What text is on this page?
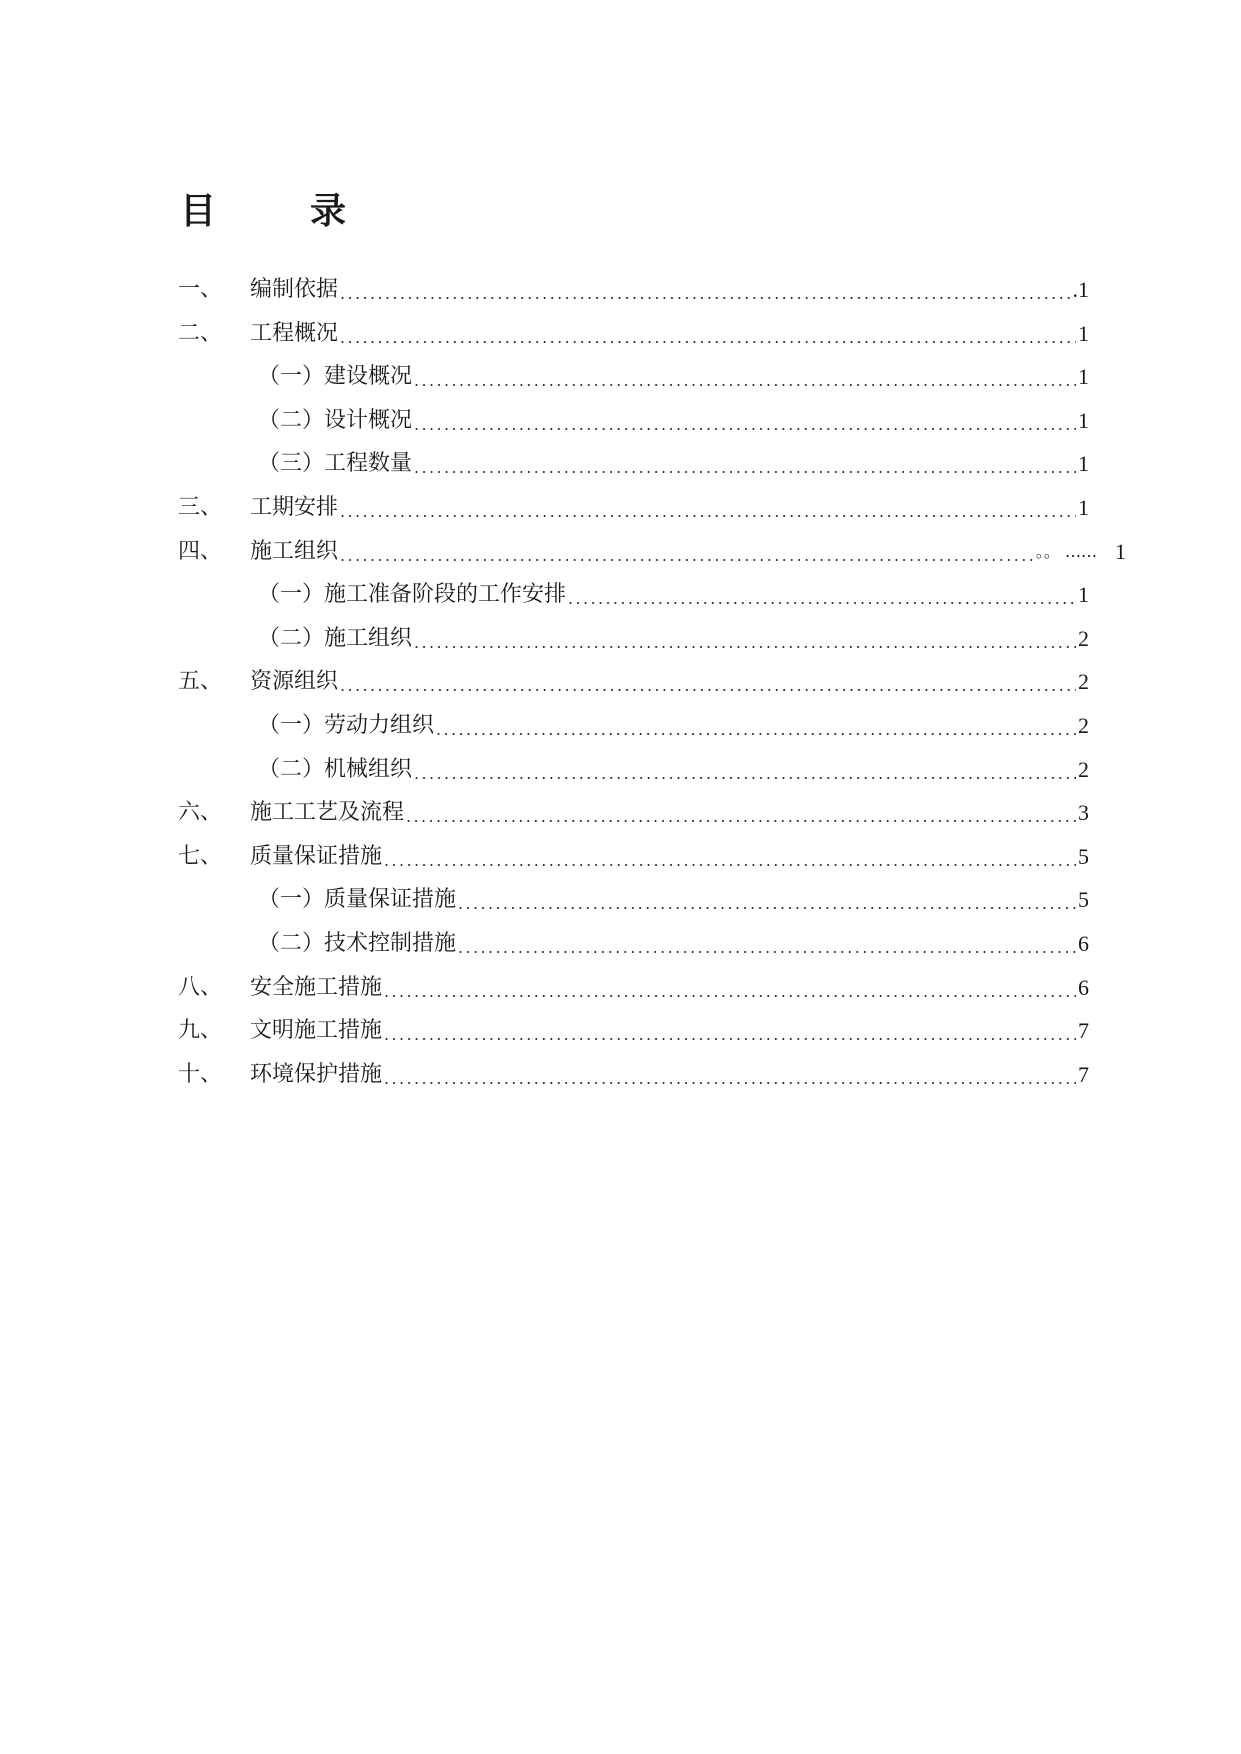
目	录
一、	编制依据 .....	.1
二、	工程概况 .....	1
（一）建设概况 .....	1
（二）设计概况 .....	1
（三）工程数量 .....	1
三、	工期安排 .....	1
四、	施工组织 .....	。。 …… 1
（一）施工准备阶段的工作安排 .....	1
（二）施工组织 .....	2
五、	资源组织 .....	2
（一）劳动力组织 .....	2
（二）机械组织 .....	2
六、	施工工艺及流程 .....	3
七、	质量保证措施 .....	5
（一）质量保证措施 .....	5
（二）技术控制措施 .....	6
八、	安全施工措施 .....	6
九、	文明施工措施 .....	7
十、	环境保护措施 .....	7
